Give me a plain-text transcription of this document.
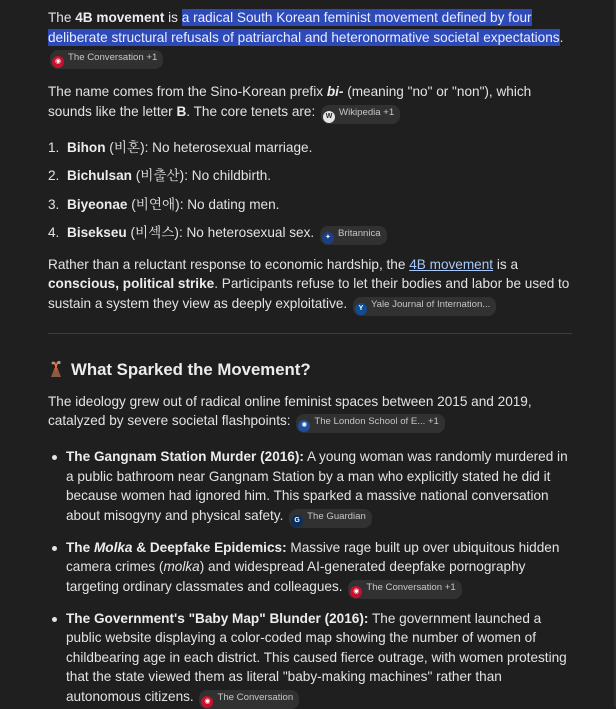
The 4B movement is a radical South Korean feminist movement defined by four deliberate structural refusals of patriarchal and heteronormative societal expectations. ◉ The Conversation +1

The name comes from the Sino-Korean prefix bi- (meaning "no" or "non"), which sounds like the letter B. The core tenets are: W Wikipedia +1

1. Bihon (비혼): No heterosexual marriage.
2. Bichulsan (비출산): No childbirth.
3. Biyeonae (비연애): No dating men.
4. Bisekseu (비섹스): No heterosexual sex. ✦ Britannica

Rather than a reluctant response to economic hardship, the 4B movement is a conscious, political strike. Participants refuse to let their bodies and labor be used to sustain a system they view as deeply exploitative. Y Yale Journal of Internation...

What Sparked the Movement?

The ideology grew out of radical online feminist spaces between 2015 and 2019, catalyzed by severe societal flashpoints: ✺ The London School of E... +1

The Gangnam Station Murder (2016): A young woman was randomly murdered in a public bathroom near Gangnam Station by a man who explicitly stated he did it because women had ignored him. This sparked a massive national conversation about misogyny and physical safety. G The Guardian
The Molka & Deepfake Epidemics: Massive rage built up over ubiquitous hidden camera crimes (molka) and widespread AI-generated deepfake pornography targeting ordinary classmates and colleagues. ◉ The Conversation +1
The Government's "Baby Map" Blunder (2016): The government launched a public website displaying a color-coded map showing the number of women of childbearing age in each district. This caused fierce outrage, with women protesting that the state viewed them as literal "baby-making machines" rather than autonomous citizens. ◉ The Conversation
